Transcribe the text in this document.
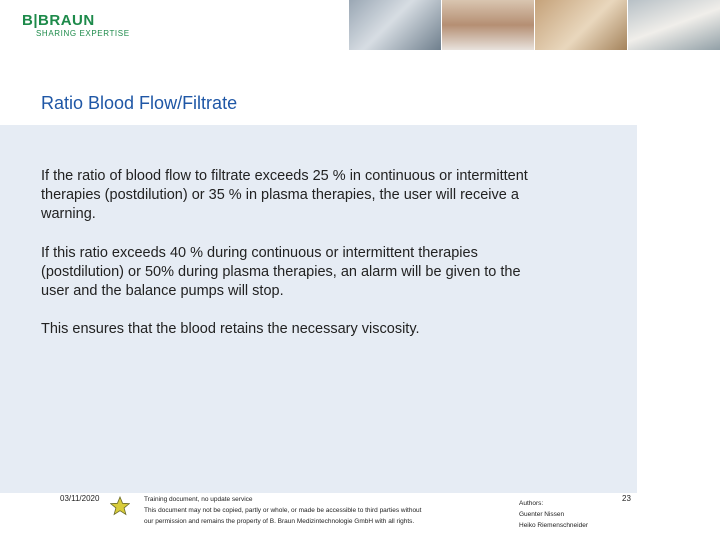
B|BRAUN
SHARING EXPERTISE
Ratio Blood Flow/Filtrate
If the ratio of blood flow to filtrate exceeds 25 % in continuous or intermittent therapies (postdilution) or 35 % in plasma therapies, the user will receive a warning.
If this ratio exceeds 40 % during continuous or intermittent therapies (postdilution) or 50% during plasma therapies, an alarm will be given to the user and the balance pumps will stop.
This ensures that the blood retains the necessary viscosity.
03/11/2020	Training document, no update service
This document may not be copied, partly or whole, or made be accessible to third parties without
our permission and remains the property of B. Braun Medizintechnologie GmbH with all rights.
Authors:
Guenter Nissen
Heiko Riemenschneider
23
